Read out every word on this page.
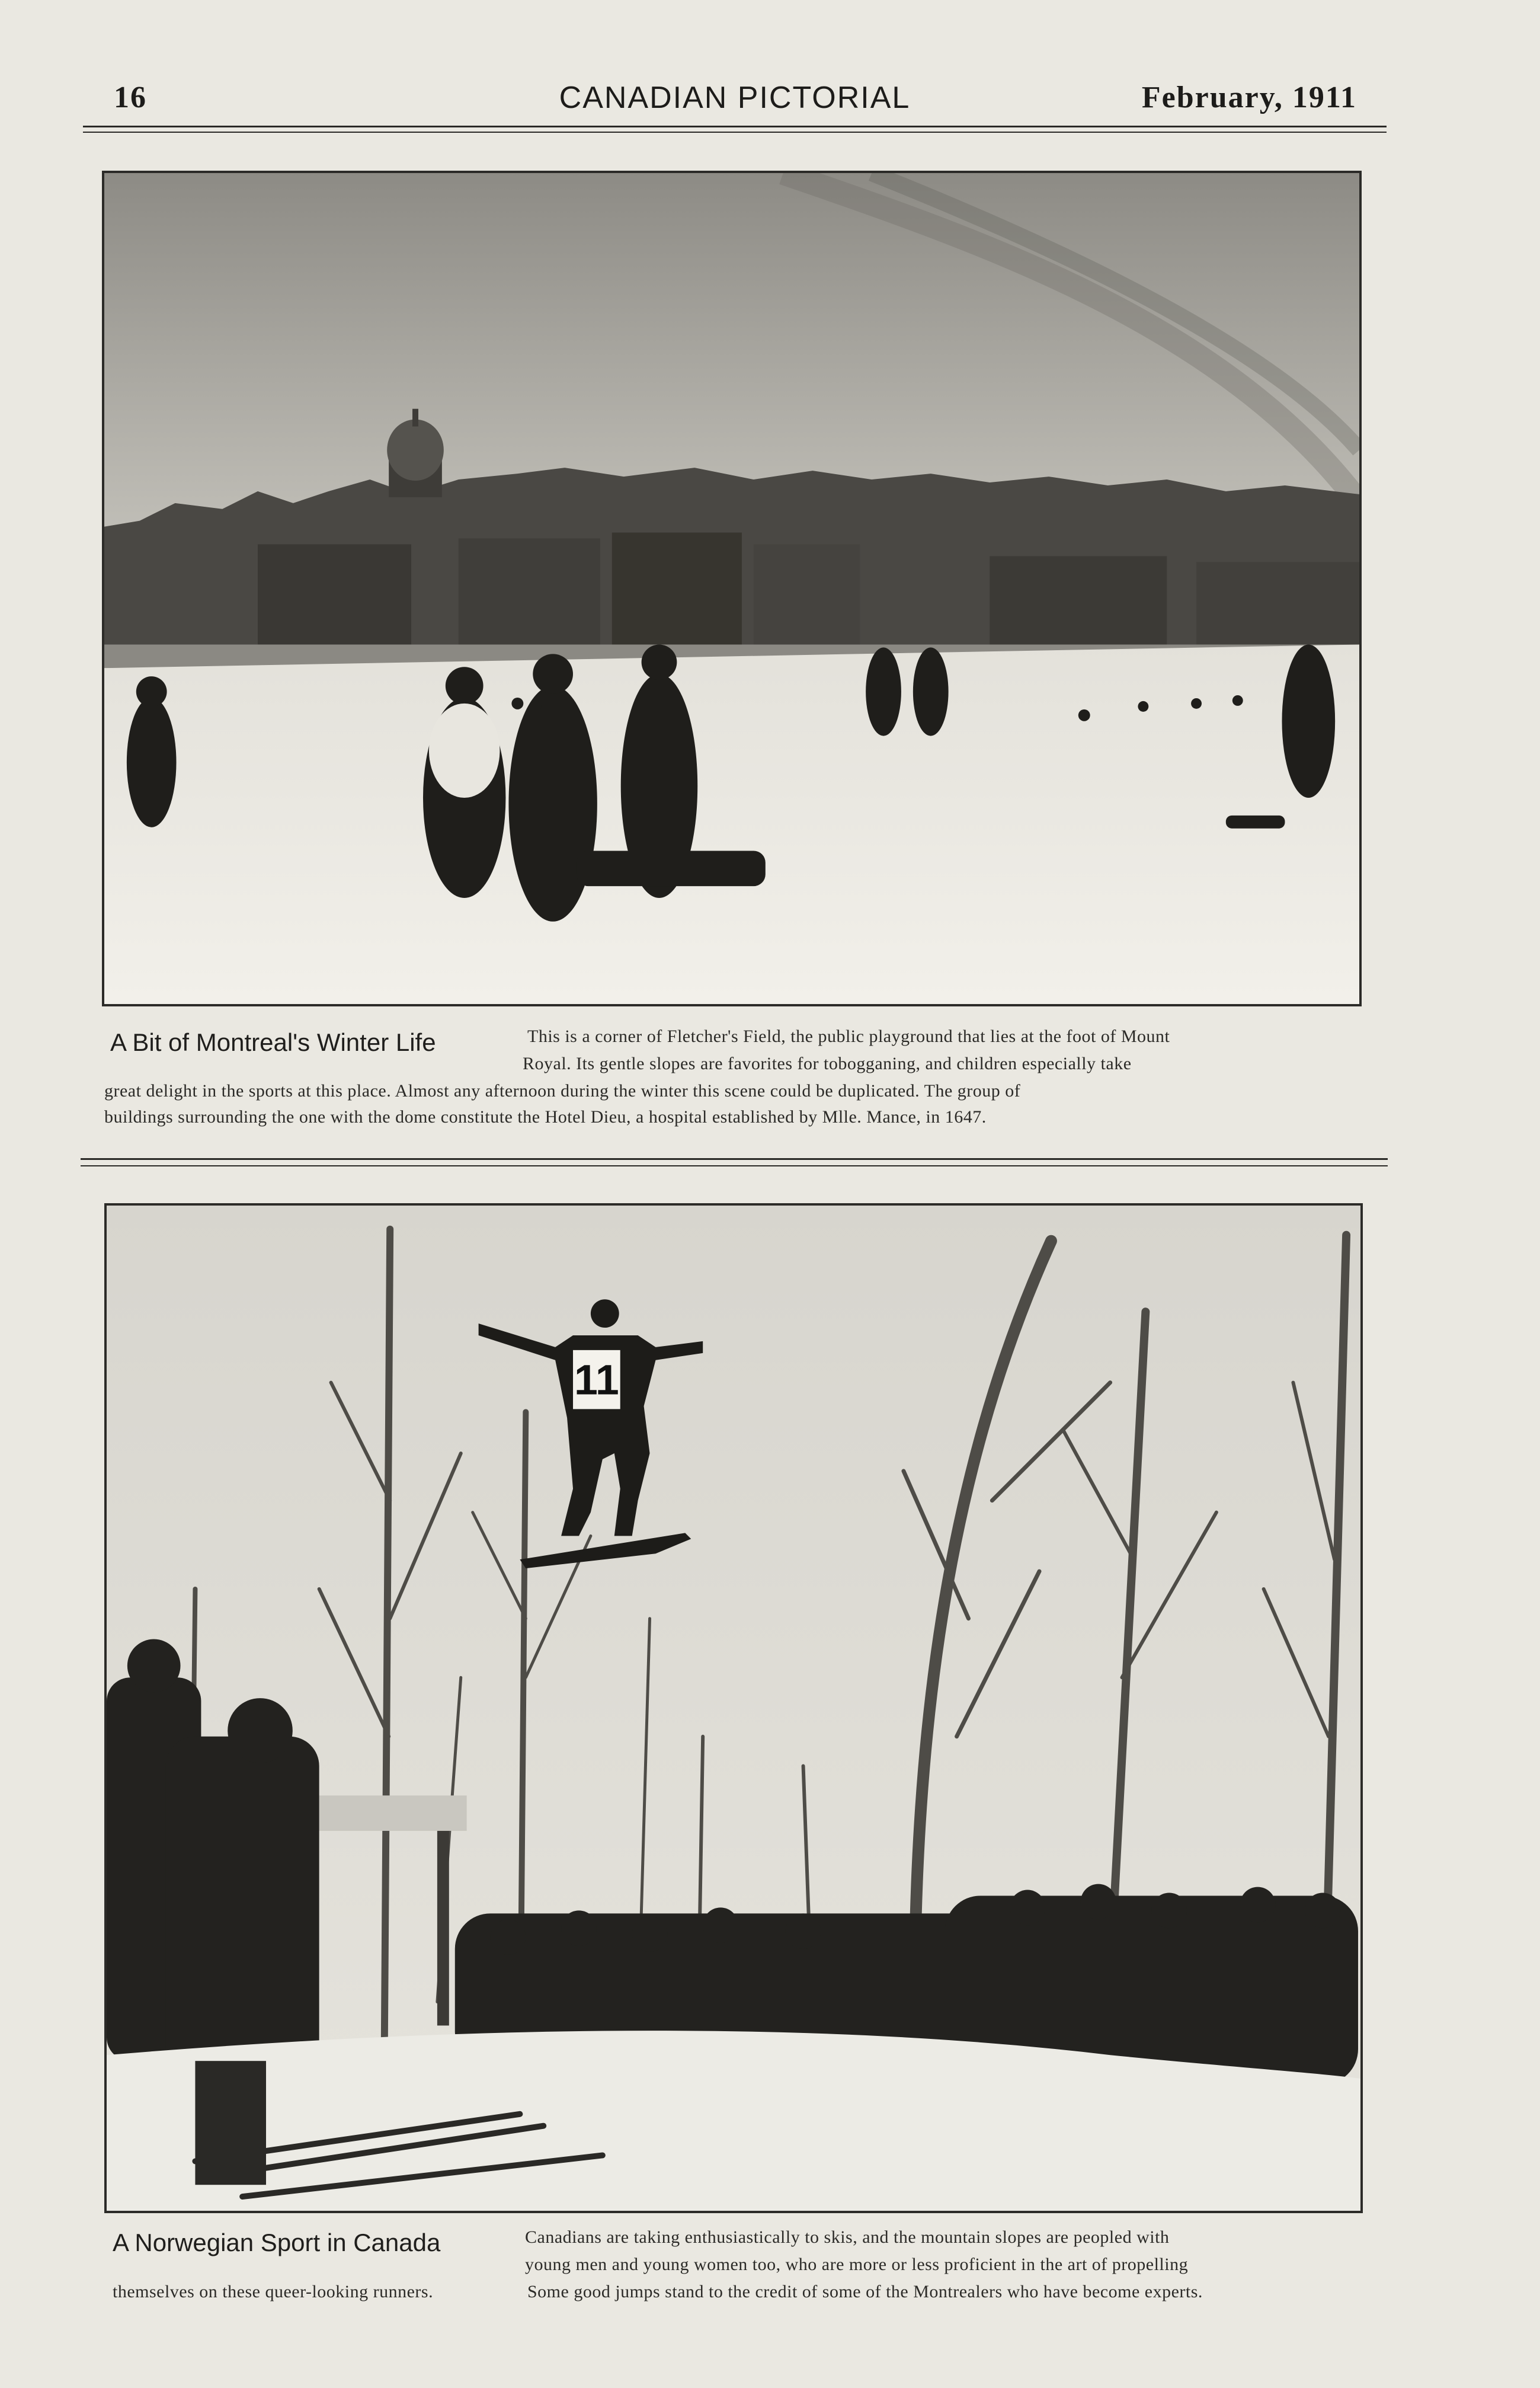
16	CANADIAN PICTORIAL	February, 1911
A Bit of Montreal's Winter Life	This is a corner of Fletcher's Field, the public playground that lies at the foot of Mount
Royal. Its gentle slopes are favorites for tobogganing, and children especially take
great delight in the sports at this place. Almost any afternoon during the winter this scene could be duplicated. The group of
buildings surrounding the one with the dome constitute the Hotel Dieu, a hospital established by Mlle. Mance, in 1647.
11
A Norwegian Sport in Canada	Canadians are taking enthusiastically to skis, and the mountain slopes are peopled with
young men and young women too, who are more or less proficient in the art of propelling
themselves on these queer-looking runners.	Some good jumps stand to the credit of some of the Montrealers who have become experts.
